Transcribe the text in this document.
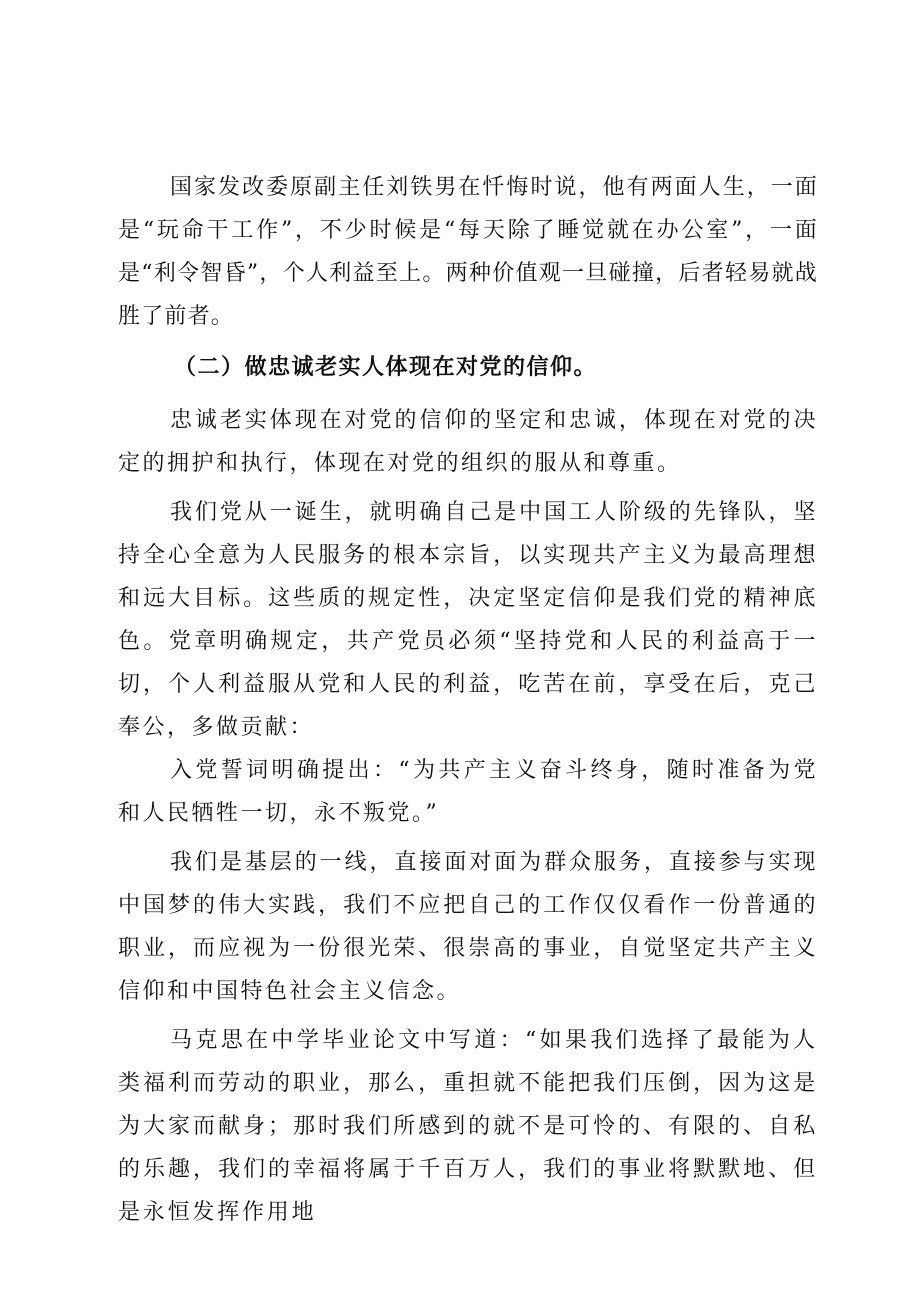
国家发改委原副主任刘铁男在忏悔时说，他有两面人生，一面是“玩命干工作”，不少时候是“每天除了睡觉就在办公室”，一面是“利令智昏”，个人利益至上。两种价值观一旦碰撞，后者轻易就战胜了前者。

（二）做忠诚老实人体现在对党的信仰。

忠诚老实体现在对党的信仰的坚定和忠诚，体现在对党的决定的拥护和执行，体现在对党的组织的服从和尊重。

我们党从一诞生，就明确自己是中国工人阶级的先锋队，坚持全心全意为人民服务的根本宗旨，以实现共产主义为最高理想和远大目标。这些质的规定性，决定坚定信仰是我们党的精神底色。党章明确规定，共产党员必须“坚持党和人民的利益高于一切，个人利益服从党和人民的利益，吃苦在前，享受在后，克己奉公，多做贡献：

入党誓词明确提出：“为共产主义奋斗终身，随时准备为党和人民牺牲一切，永不叛党。”

我们是基层的一线，直接面对面为群众服务，直接参与实现中国梦的伟大实践，我们不应把自己的工作仅仅看作一份普通的职业，而应视为一份很光荣、很崇高的事业，自觉坚定共产主义信仰和中国特色社会主义信念。

马克思在中学毕业论文中写道：“如果我们选择了最能为人类福利而劳动的职业，那么，重担就不能把我们压倒，因为这是为大家而献身；那时我们所感到的就不是可怜的、有限的、自私的乐趣，我们的幸福将属于千百万人，我们的事业将默默地、但是永恒发挥作用地
